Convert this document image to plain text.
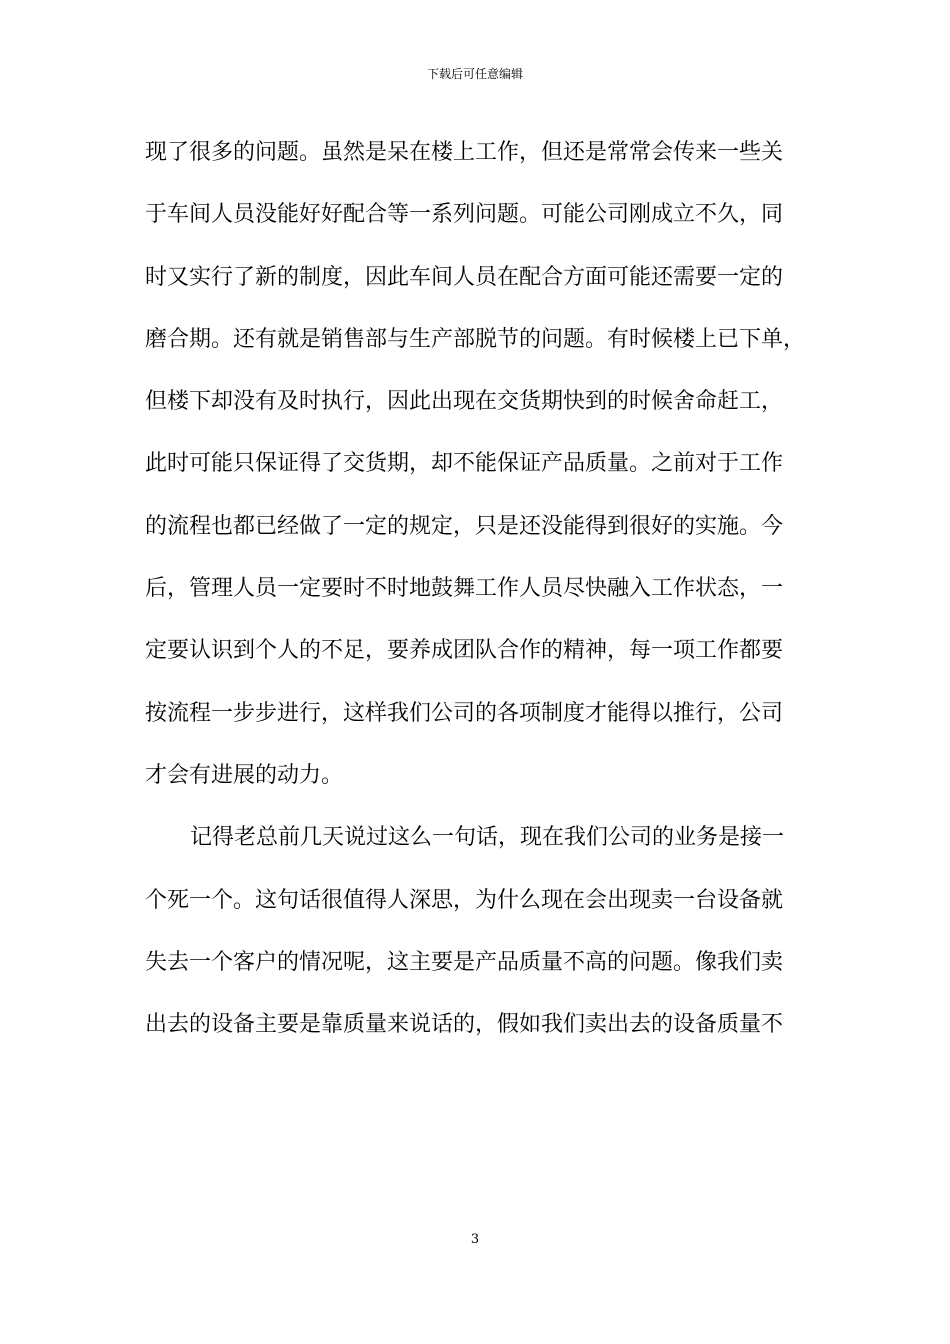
下载后可任意编辑
现了很多的问题。虽然是呆在楼上工作，但还是常常会传来一些关
于车间人员没能好好配合等一系列问题。可能公司刚成立不久，同
时又实行了新的制度，因此车间人员在配合方面可能还需要一定的
磨合期。还有就是销售部与生产部脱节的问题。有时候楼上已下单，
但楼下却没有及时执行，因此出现在交货期快到的时候舍命赶工，
此时可能只保证得了交货期，却不能保证产品质量。之前对于工作
的流程也都已经做了一定的规定，只是还没能得到很好的实施。今
后，管理人员一定要时不时地鼓舞工作人员尽快融入工作状态，一
定要认识到个人的不足，要养成团队合作的精神，每一项工作都要
按流程一步步进行，这样我们公司的各项制度才能得以推行，公司
才会有进展的动力。
记得老总前几天说过这么一句话，现在我们公司的业务是接一
个死一个。这句话很值得人深思，为什么现在会出现卖一台设备就
失去一个客户的情况呢，这主要是产品质量不高的问题。像我们卖
出去的设备主要是靠质量来说话的，假如我们卖出去的设备质量不
3
